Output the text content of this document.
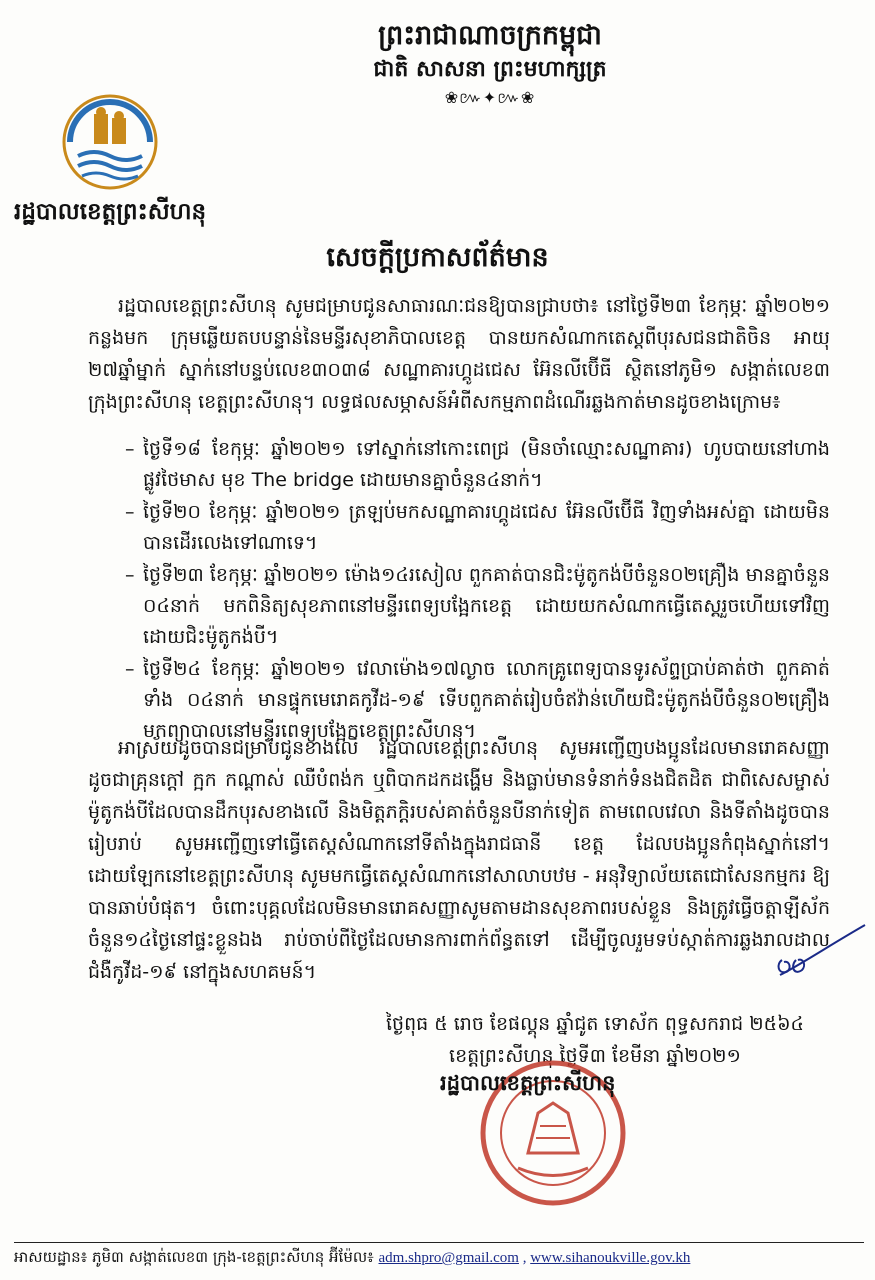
ព្រះរាជាណាចក្រកម្ពុជា
ជាតិ សាសនា ព្រះមហាក្សត្រ
❀៚✦៚❀
រដ្ឋបាលខេត្តព្រះសីហនុ
សេចក្តីប្រកាសព័ត៌មាន
រដ្ឋបាលខេត្តព្រះសីហនុ សូមជម្រាបជូនសាធារណៈជនឱ្យបានជ្រាបថា៖ នៅថ្ងៃទី២៣ ខែកុម្ភៈ ឆ្នាំ២០២១ កន្លងមក ក្រុមឆ្លើយតបបន្ទាន់នៃមន្ទីរសុខាភិបាលខេត្ត បានយកសំណាកតេស្តពីបុរសជនជាតិចិន អាយុ ២៧ឆ្នាំម្នាក់ ស្នាក់នៅបន្ទប់លេខ៣០៣៨ សណ្ឋាគារហ្គូដជេស អ៊ែនលីប៊ើធី ស្ថិតនៅភូមិ១ សង្កាត់លេខ៣ ក្រុងព្រះសីហនុ ខេត្តព្រះសីហនុ។ លទ្ធផលសម្ភាសន៍អំពីសកម្មភាពដំណើរឆ្លងកាត់មានដូចខាងក្រោម៖
– ថ្ងៃទី១៨ ខែកុម្ភៈ ឆ្នាំ២០២១ ទៅស្នាក់នៅកោះពេជ្រ (មិនចាំឈ្មោះសណ្ឋាគារ) ហូបបាយនៅហាង ផ្លូវថៃមាស មុខ The bridge ដោយមានគ្នាចំនួន៤នាក់។
– ថ្ងៃទី២០ ខែកុម្ភៈ ឆ្នាំ២០២១ ត្រឡប់មកសណ្ឋាគារហ្គូដជេស អ៊ែនលីប៊ើធី វិញទាំងអស់គ្នា ដោយមិនបានដើរលេងទៅណាទេ។
– ថ្ងៃទី២៣ ខែកុម្ភៈ ឆ្នាំ២០២១ ម៉ោង១៤រសៀល ពួកគាត់បានជិះម៉ូតូកង់បីចំនួន០២គ្រឿង មានគ្នាចំនួន ០៤នាក់ មកពិនិត្យសុខភាពនៅមន្ទីរពេទ្យបង្អែកខេត្ត ដោយយកសំណាកធ្វើតេស្តរួចហើយទៅវិញដោយជិះម៉ូតូកង់បី។
– ថ្ងៃទី២៤ ខែកុម្ភៈ ឆ្នាំ២០២១ វេលាម៉ោង១៧ល្ងាច លោកគ្រូពេទ្យបានទូរស័ព្ទប្រាប់គាត់ថា ពួកគាត់ទាំង ០៤នាក់ មានផ្ទុកមេរោគកូវីដ-១៩ ទើបពួកគាត់រៀបចំឥវ៉ាន់ហើយជិះម៉ូតូកង់បីចំនួន០២គ្រឿង មកព្យាបាលនៅមន្ទីរពេទ្យបង្អែកខេត្តព្រះសីហនុ។
អាស្រ័យដូចបានជម្រាបជូនខាងលើ រដ្ឋបាលខេត្តព្រះសីហនុ សូមអញ្ជើញបងប្អូនដែលមានរោគសញ្ញា ដូចជាគ្រុនក្តៅ ក្អក កណ្តាស់ ឈឺបំពង់ក ឬពិបាកដកដង្ហើម និងធ្លាប់មានទំនាក់ទំនងជិតដិត ជាពិសេសម្ចាស់ម៉ូតូកង់បីដែលបានដឹកបុរសខាងលើ និងមិត្តភក្តិរបស់គាត់ចំនួនបីនាក់ទៀត តាមពេលវេលា និងទីតាំងដូចបានរៀបរាប់ សូមអញ្ជើញទៅធ្វើតេស្តសំណាកនៅទីតាំងក្នុងរាជធានី ខេត្ត ដែលបងប្អូនកំពុងស្នាក់នៅ។ ដោយឡែកនៅខេត្តព្រះសីហនុ សូមមកធ្វើតេស្តសំណាកនៅសាលាបឋម - អនុវិទ្យាល័យតេជោសែនកម្មករ ឱ្យបានឆាប់បំផុត។ ចំពោះបុគ្គលដែលមិនមានរោគសញ្ញាសូមតាមដានសុខភាពរបស់ខ្លួន និងត្រូវធ្វើចត្តាឡីស័ក ចំនួន១៤ថ្ងៃនៅផ្ទះខ្លួនឯង រាប់ចាប់ពីថ្ងៃដែលមានការពាក់ព័ន្ធតទៅ ដើម្បីចូលរួមទប់ស្កាត់ការឆ្លងរាលដាលជំងឺកូវីដ-១៩ នៅក្នុងសហគមន៍។
ថ្ងៃពុធ ៥ រោច ខែផល្គុន ឆ្នាំជូត ទោស័ក ពុទ្ធសករាជ ២៥៦៤
ខេត្តព្រះសីហនុ ថ្ងៃទី៣ ខែមីនា ឆ្នាំ២០២១
រដ្ឋបាលខេត្តព្រះសីហនុ
អាសយដ្ឋាន៖ ភូមិ៣ សង្កាត់លេខ៣ ក្រុង-ខេត្តព្រះសីហនុ អ៊ីម៉ែល៖ adm.shpro@gmail.com , www.sihanoukville.gov.kh
